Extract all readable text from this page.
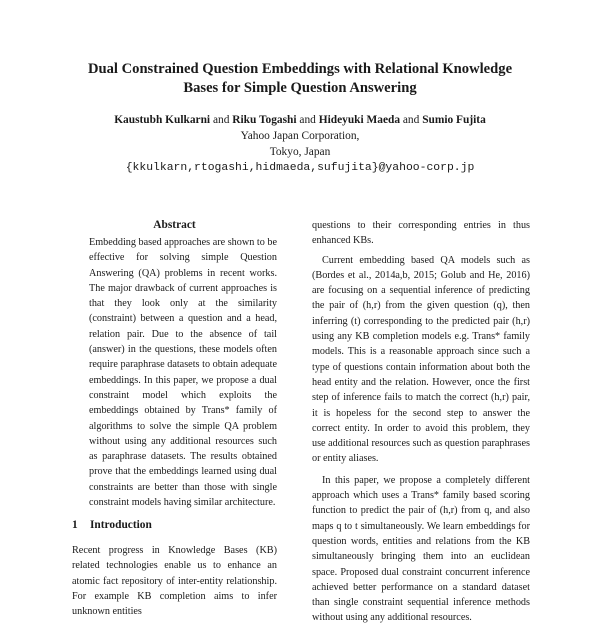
Dual Constrained Question Embeddings with Relational Knowledge
Bases for Simple Question Answering
Kaustubh Kulkarni and Riku Togashi and Hideyuki Maeda and Sumio Fujita
Yahoo Japan Corporation,
Tokyo, Japan
{kkulkarn,rtogashi,hidmaeda,sufujita}@yahoo-corp.jp
Abstract

Embedding based approaches are shown to be effective for solving simple Question Answering (QA) problems in recent works. The major drawback of current approaches is that they look only at the similarity (constraint) between a question and a head, relation pair. Due to the absence of tail (answer) in the questions, these models often require paraphrase datasets to obtain adequate embeddings. In this paper, we propose a dual constraint model which exploits the embeddings obtained by Trans* family of algorithms to solve the simple QA problem without using any additional resources such as paraphrase datasets. The results obtained prove that the embeddings learned using dual constraints are better than those with single constraint models having similar architecture.

1 Introduction

Recent progress in Knowledge Bases (KB) related technologies enable us to enhance an atomic fact repository of inter-entity relationship. For example KB completion aims to infer unknown entities

questions to their corresponding entries in thus enhanced KBs.

Current embedding based QA models such as (Bordes et al., 2014a,b, 2015; Golub and He, 2016) are focusing on a sequential inference of predicting the pair of (h,r) from the given question (q), then inferring (t) corresponding to the predicted pair (h,r) using any KB completion models e.g. Trans* family models. This is a reasonable approach since such a type of questions contain information about both the head entity and the relation. However, once the first step of inference fails to match the correct (h,r) pair, it is hopeless for the second step to answer the correct entity. In order to avoid this problem, they use additional resources such as question paraphrases or entity aliases.

In this paper, we propose a completely different approach which uses a Trans* family based scoring function to predict the pair of (h,r) from q, and also maps q to t simultaneously. We learn embeddings for question words, entities and relations from the KB simultaneously bringing them into an euclidean space. Proposed dual constraint concurrent inference achieved better performance on a standard dataset than single constraint sequential inference methods without using any additional resources.
